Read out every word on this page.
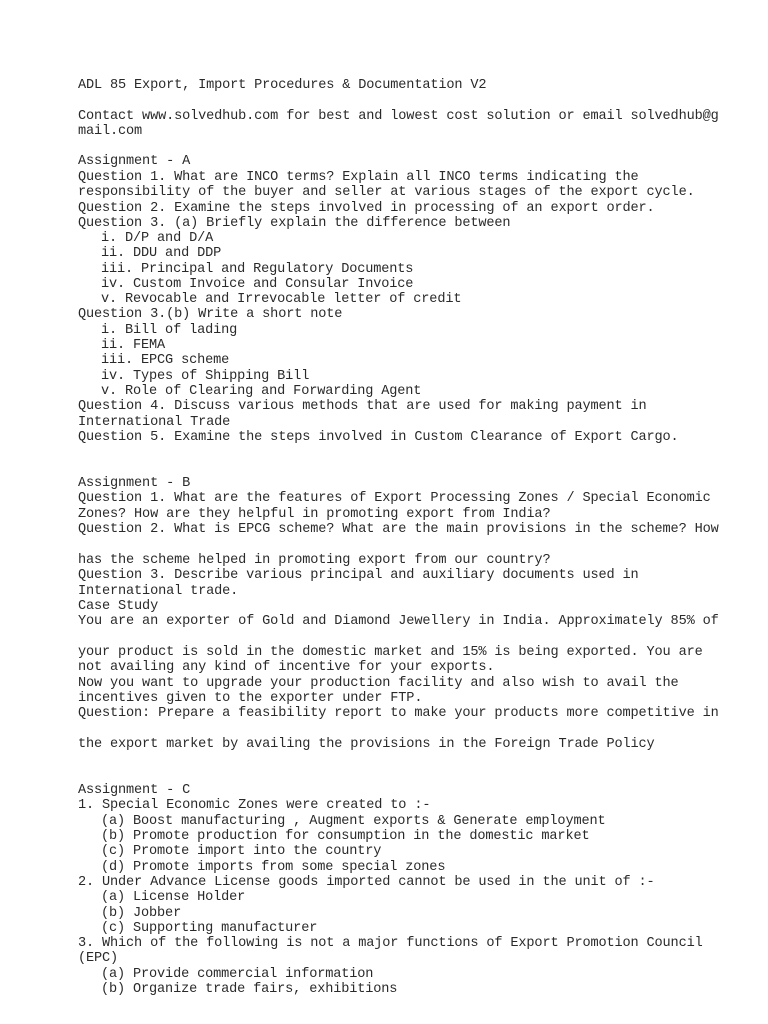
ADL 85 Export, Import Procedures & Documentation V2
Contact www.solvedhub.com for best and lowest cost solution or email solvedhub@g
mail.com
Assignment - A
Question 1. What are INCO terms? Explain all INCO terms indicating the
responsibility of the buyer and seller at various stages of the export cycle.
Question 2. Examine the steps involved in processing of an export order.
Question 3. (a) Briefly explain the difference between
i. D/P and D/A
ii. DDU and DDP
iii. Principal and Regulatory Documents
iv. Custom Invoice and Consular Invoice
v. Revocable and Irrevocable letter of credit
Question 3.(b) Write a short note
i. Bill of lading
ii. FEMA
iii. EPCG scheme
iv. Types of Shipping Bill
v. Role of Clearing and Forwarding Agent
Question 4. Discuss various methods that are used for making payment in
International Trade
Question 5. Examine the steps involved in Custom Clearance of Export Cargo.
Assignment - B
Question 1. What are the features of Export Processing Zones / Special Economic
Zones? How are they helpful in promoting export from India?
Question 2. What is EPCG scheme? What are the main provisions in the scheme? How
has the scheme helped in promoting export from our country?
Question 3. Describe various principal and auxiliary documents used in
International trade.
Case Study
You are an exporter of Gold and Diamond Jewellery in India. Approximately 85% of
your product is sold in the domestic market and 15% is being exported. You are
not availing any kind of incentive for your exports.
Now you want to upgrade your production facility and also wish to avail the
incentives given to the exporter under FTP.
Question: Prepare a feasibility report to make your products more competitive in
the export market by availing the provisions in the Foreign Trade Policy
Assignment - C
1. Special Economic Zones were created to :-
(a) Boost manufacturing , Augment exports & Generate employment
(b) Promote production for consumption in the domestic market
(c) Promote import into the country
(d) Promote imports from some special zones
2. Under Advance License goods imported cannot be used in the unit of :-
(a) License Holder
(b) Jobber
(c) Supporting manufacturer
3. Which of the following is not a major functions of Export Promotion Council
(EPC)
(a) Provide commercial information
(b) Organize trade fairs, exhibitions
